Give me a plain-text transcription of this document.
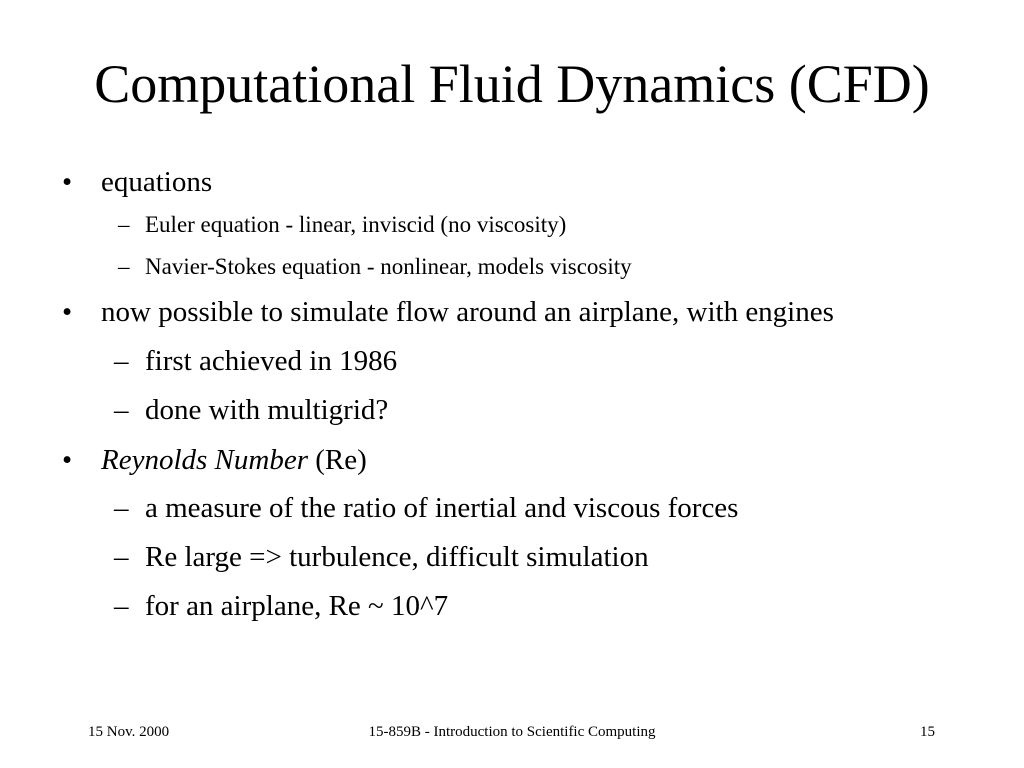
Computational Fluid Dynamics (CFD)
• equations
– Euler equation - linear, inviscid (no viscosity)
– Navier-Stokes equation - nonlinear, models viscosity
• now possible to simulate flow around an airplane, with engines
– first achieved in 1986
– done with multigrid?
• Reynolds Number (Re)
– a measure of the ratio of inertial and viscous forces
– Re large => turbulence, difficult simulation
– for an airplane, Re ~ 10^7
15 Nov. 2000	15-859B - Introduction to Scientific Computing	15
